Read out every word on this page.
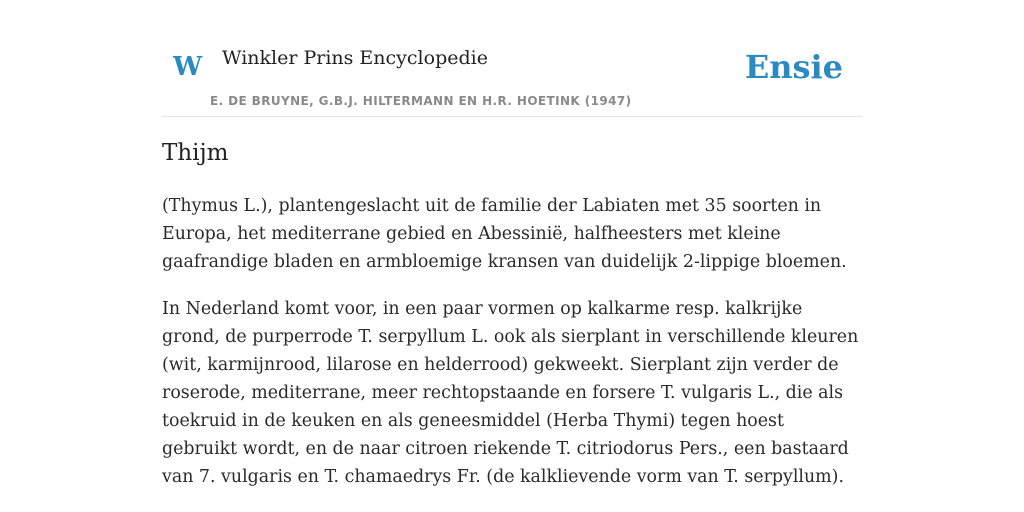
W Winkler Prins Encyclopedie
E. DE BRUYNE, G.B.J. HILTERMANN EN H.R. HOETINK (1947)
Ensie
Thijm

(Thymus L.), plantengeslacht uit de familie der Labiaten met 35 soorten in Europa, het mediterrane gebied en Abessinië, halfheesters met kleine gaafrandige bladen en armbloemige kransen van duidelijk 2-lippige bloemen.

In Nederland komt voor, in een paar vormen op kalkarme resp. kalkrijke grond, de purperrode T. serpyllum L. ook als sierplant in verschillende kleuren (wit, karmijnrood, lilarose en helderrood) gekweekt. Sierplant zijn verder de roserode, mediterrane, meer rechtopstaande en forsere T. vulgaris L., die als toekruid in de keuken en als geneesmiddel (Herba Thymi) tegen hoest gebruikt wordt, en de naar citroen riekende T. citriodorus Pers., een bastaard van 7. vulgaris en T. chamaedrys Fr. (de kalklievende vorm van T. serpyllum).
